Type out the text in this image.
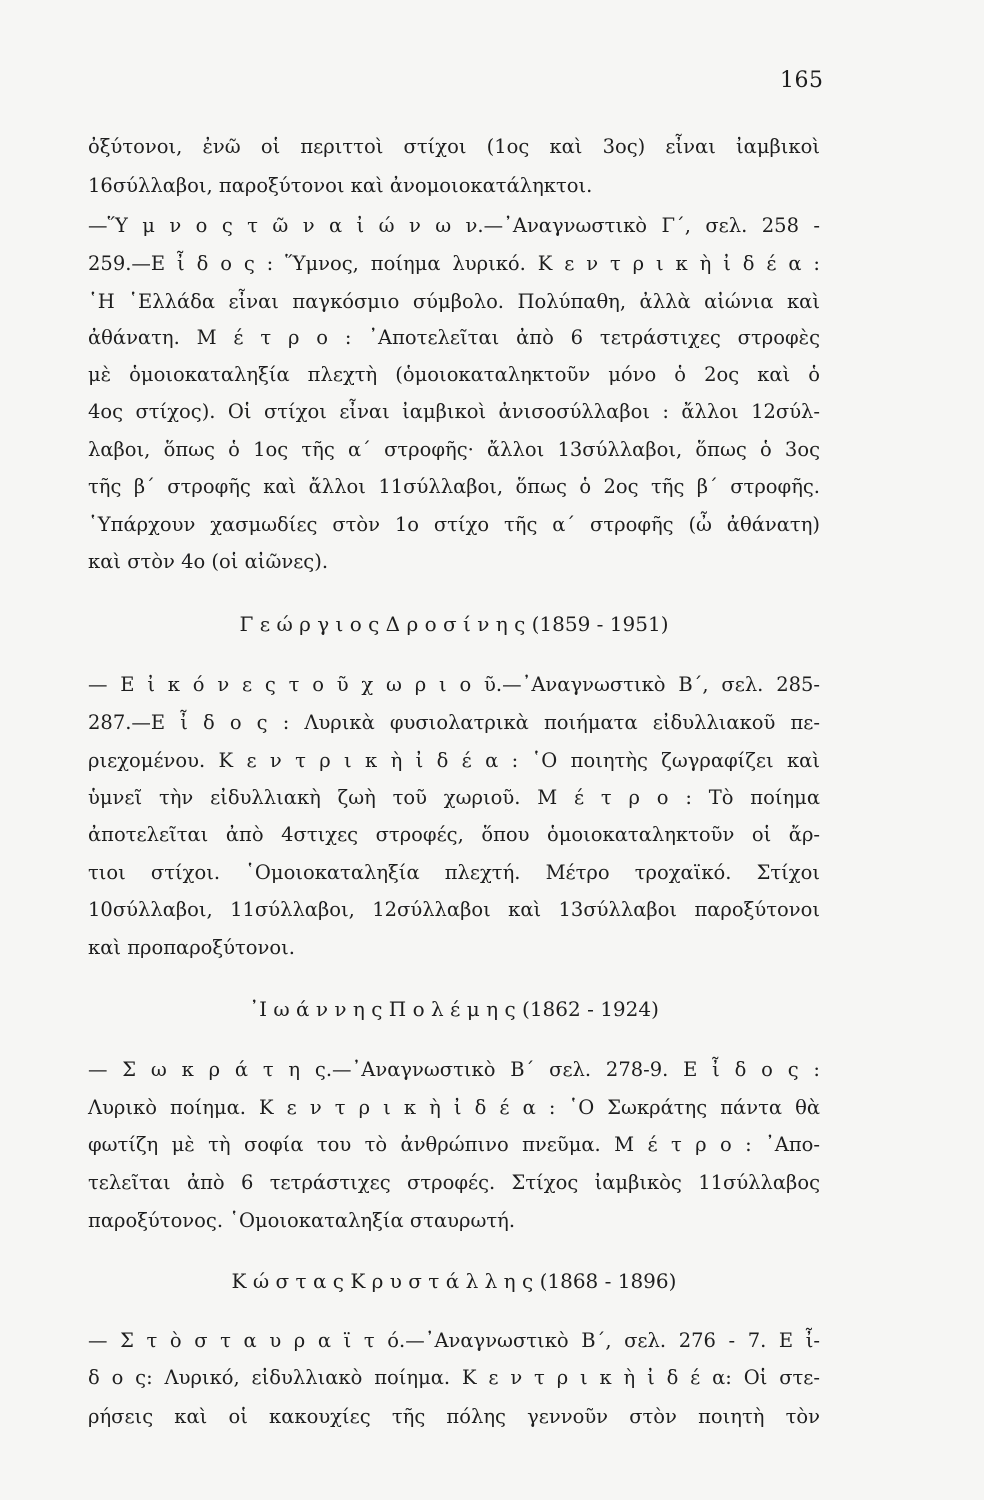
165
ὀξύτονοι, ἐνῶ οἱ περιττοὶ στίχοι (1ος καὶ 3ος) εἶναι ἰαμβικοὶ
16σύλλαβοι, παροξύτονοι καὶ ἀνομοιοκατάληκτοι.
—Ὕ μ ν ο ς τ ῶ ν α ἰ ώ ν ω ν.—᾿Αναγνωστικὸ Γ΄, σελ. 258 -
259.—Ε ἶ δ ο ς : Ὕμνος, ποίημα λυρικό. Κ ε ν τ ρ ι κ ὴ ἰ δ έ α :
῾Η ῾Ελλάδα εἶναι παγκόσμιο σύμβολο. Πολύπαθη, ἀλλὰ αἰώνια καὶ
ἀθάνατη. Μ έ τ ρ ο : ᾿Αποτελεῖται ἀπὸ 6 τετράστιχες στροφὲς
μὲ ὁμοιοκαταληξία πλεχτὴ (ὁμοιοκαταληκτοῦν μόνο ὁ 2ος καὶ ὁ
4ος στίχος). Οἱ στίχοι εἶναι ἰαμβικοὶ ἀνισοσύλλαβοι : ἄλλοι 12σύλ-
λαβοι, ὅπως ὁ 1ος τῆς α΄ στροφῆς· ἄλλοι 13σύλλαβοι, ὅπως ὁ 3ος
τῆς β΄ στροφῆς καὶ ἄλλοι 11σύλλαβοι, ὅπως ὁ 2ος τῆς β΄ στροφῆς.
῾Υπάρχουν χασμωδίες στὸν 1ο στίχο τῆς α΄ στροφῆς (ὦ ἀθάνατη)
καὶ στὸν 4ο (οἱ αἰῶνες).
Γ ε ώ ρ γ ι ο ς Δ ρ ο σ ί ν η ς (1859 - 1951)
— Ε ἰ κ ό ν ε ς τ ο ῦ χ ω ρ ι ο ῦ.—᾿Αναγνωστικὸ Β΄, σελ. 285-
287.—Ε ἶ δ ο ς : Λυρικὰ φυσιολατρικὰ ποιήματα εἰδυλλιακοῦ πε-
ριεχομένου. Κ ε ν τ ρ ι κ ὴ ἰ δ έ α : ῾Ο ποιητὴς ζωγραφίζει καὶ
ὑμνεῖ τὴν εἰδυλλιακὴ ζωὴ τοῦ χωριοῦ. Μ έ τ ρ ο : Τὸ ποίημα
ἀποτελεῖται ἀπὸ 4στιχες στροφές, ὅπου ὁμοιοκαταληκτοῦν οἱ ἄρ-
τιοι στίχοι. ῾Ομοιοκαταληξία πλεχτή. Μέτρο τροχαϊκό. Στίχοι
10σύλλαβοι, 11σύλλαβοι, 12σύλλαβοι καὶ 13σύλλαβοι παροξύτονοι
καὶ προπαροξύτονοι.
᾿Ι ω ά ν ν η ς Π ο λ έ μ η ς (1862 - 1924)
— Σ ω κ ρ ά τ η ς.—᾿Αναγνωστικὸ Β΄ σελ. 278-9. Ε ἶ δ ο ς :
Λυρικὸ ποίημα. Κ ε ν τ ρ ι κ ὴ ἰ δ έ α : ῾Ο Σωκράτης πάντα θὰ
φωτίζη μὲ τὴ σοφία του τὸ ἀνθρώπινο πνεῦμα. Μ έ τ ρ ο : ᾿Απο-
τελεῖται ἀπὸ 6 τετράστιχες στροφές. Στίχος ἰαμβικὸς 11σύλλαβος
παροξύτονος. ῾Ομοιοκαταληξία σταυρωτή.
Κ ώ σ τ α ς Κ ρ υ σ τ ά λ λ η ς (1868 - 1896)
— Σ τ ὸ σ τ α υ ρ α ϊ τ ό.—᾿Αναγνωστικὸ Β΄, σελ. 276 - 7. Ε ἶ-
δ ο ς: Λυρικό, εἰδυλλιακὸ ποίημα. Κ ε ν τ ρ ι κ ὴ ἰ δ έ α: Οἱ στε-
ρήσεις καὶ οἱ κακουχίες τῆς πόλης γεννοῦν στὸν ποιητὴ τὸν
